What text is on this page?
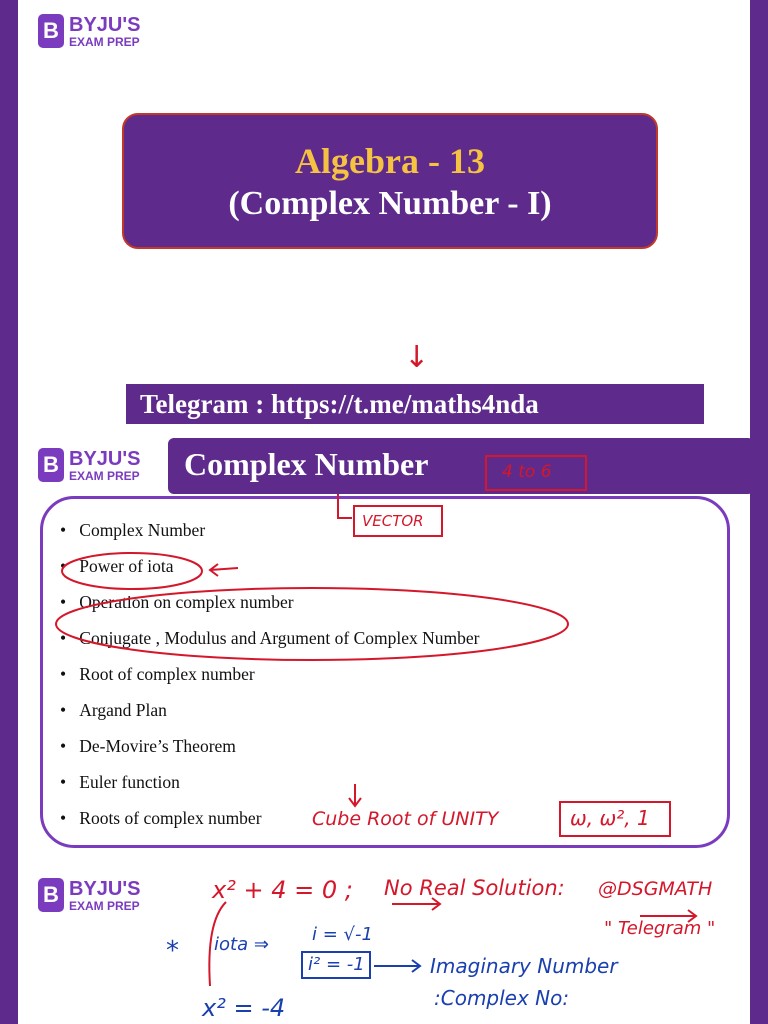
B BYJU'S
EXAM PREP
Algebra - 13
(Complex Number - I)
↓
Telegram : https://t.me/maths4nda
B BYJU'S
EXAM PREP Complex Number
•   Complex Number
•   Power of iota
•   Operation on complex number
•   Conjugate , Modulus and Argument of Complex Number
•   Root of complex number
•   Argand Plan
•   De-Movire’s Theorem
•   Euler function
•   Roots of complex number
4 to 6
VECTOR
Cube Root of UNITY	ω, ω², 1
B BYJU'S
EXAM PREP
x² + 4 = 0 ; No Real Solution: @DSGMATH
" Telegram "
* iota ⇒ i = √-1
i² = -1	Imaginary Number
:Complex No:
x² = -4
